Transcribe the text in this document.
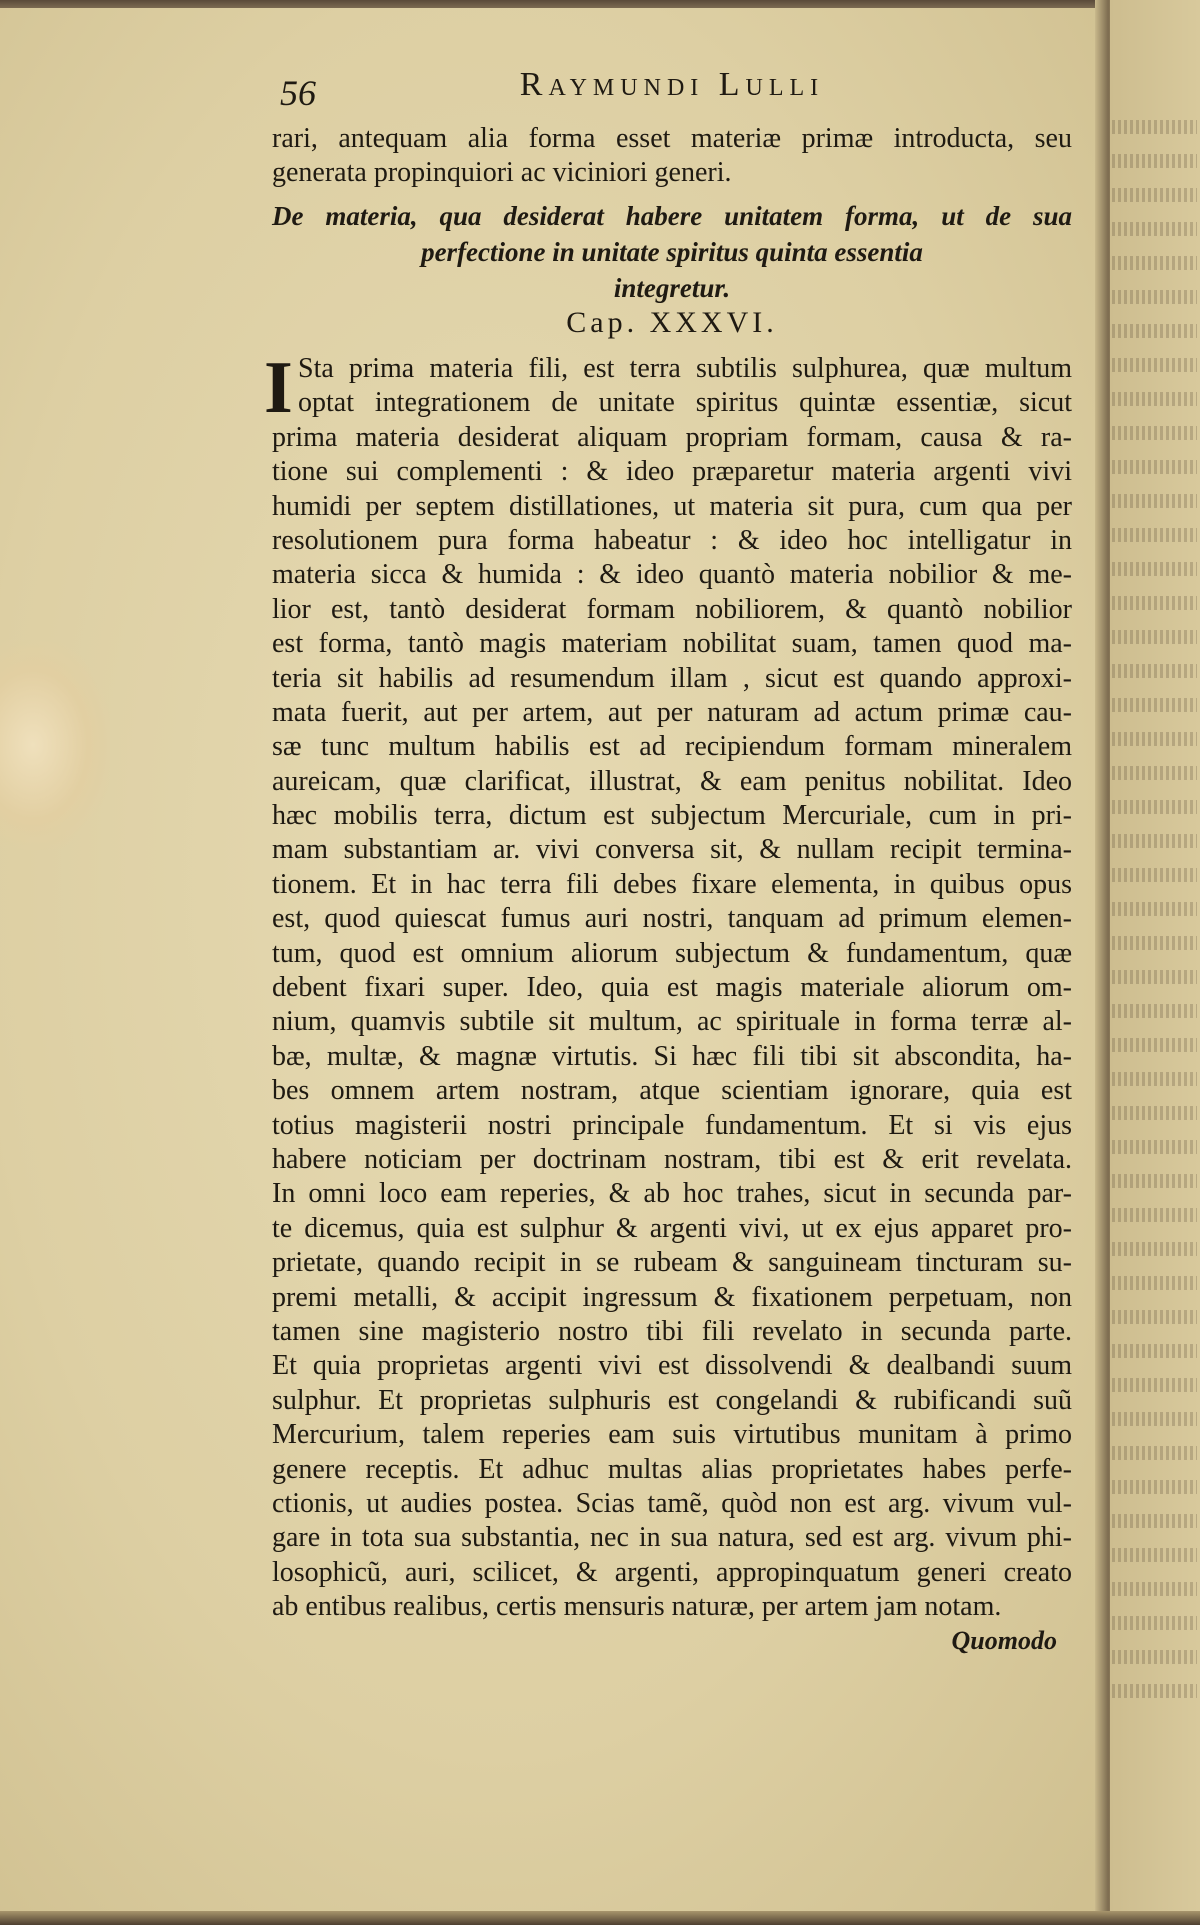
56	Raymundi Lulli
rari, antequam alia forma esset materiæ primæ introducta, seu
generata propinquiori ac viciniori generi.
De materia, qua desiderat habere unitatem forma, ut de sua
perfectione in unitate spiritus quinta essentia
integretur.
Cap. XXXVI.
I Sta prima materia fili, est terra subtilis sulphurea, quæ multum
optat integrationem de unitate spiritus quintæ essentiæ, sicut
prima materia desiderat aliquam propriam formam, causa & ra-
tione sui complementi : & ideo præparetur materia argenti vivi
humidi per septem distillationes, ut materia sit pura, cum qua per
resolutionem pura forma habeatur : & ideo hoc intelligatur in
materia sicca & humida : & ideo quantò materia nobilior & me-
lior est, tantò desiderat formam nobiliorem, & quantò nobilior
est forma, tantò magis materiam nobilitat suam, tamen quod ma-
teria sit habilis ad resumendum illam , sicut est quando approxi-
mata fuerit, aut per artem, aut per naturam ad actum primæ cau-
sæ tunc multum habilis est ad recipiendum formam mineralem
aureicam, quæ clarificat, illustrat, & eam penitus nobilitat. Ideo
hæc mobilis terra, dictum est subjectum Mercuriale, cum in pri-
mam substantiam ar. vivi conversa sit, & nullam recipit termina-
tionem. Et in hac terra fili debes fixare elementa, in quibus opus
est, quod quiescat fumus auri nostri, tanquam ad primum elemen-
tum, quod est omnium aliorum subjectum & fundamentum, quæ
debent fixari super. Ideo, quia est magis materiale aliorum om-
nium, quamvis subtile sit multum, ac spirituale in forma terræ al-
bæ, multæ, & magnæ virtutis. Si hæc fili tibi sit abscondita, ha-
bes omnem artem nostram, atque scientiam ignorare, quia est
totius magisterii nostri principale fundamentum. Et si vis ejus
habere noticiam per doctrinam nostram, tibi est & erit revelata.
In omni loco eam reperies, & ab hoc trahes, sicut in secunda par-
te dicemus, quia est sulphur & argenti vivi, ut ex ejus apparet pro-
prietate, quando recipit in se rubeam & sanguineam tincturam su-
premi metalli, & accipit ingressum & fixationem perpetuam, non
tamen sine magisterio nostro tibi fili revelato in secunda parte.
Et quia proprietas argenti vivi est dissolvendi & dealbandi suum
sulphur. Et proprietas sulphuris est congelandi & rubificandi suũ
Mercurium, talem reperies eam suis virtutibus munitam à primo
genere receptis. Et adhuc multas alias proprietates habes perfe-
ctionis, ut audies postea. Scias tamẽ, quòd non est arg. vivum vul-
gare in tota sua substantia, nec in sua natura, sed est arg. vivum phi-
losophicũ, auri, scilicet, & argenti, appropinquatum generi creato
ab entibus realibus, certis mensuris naturæ, per artem jam notam.
Quomodo
